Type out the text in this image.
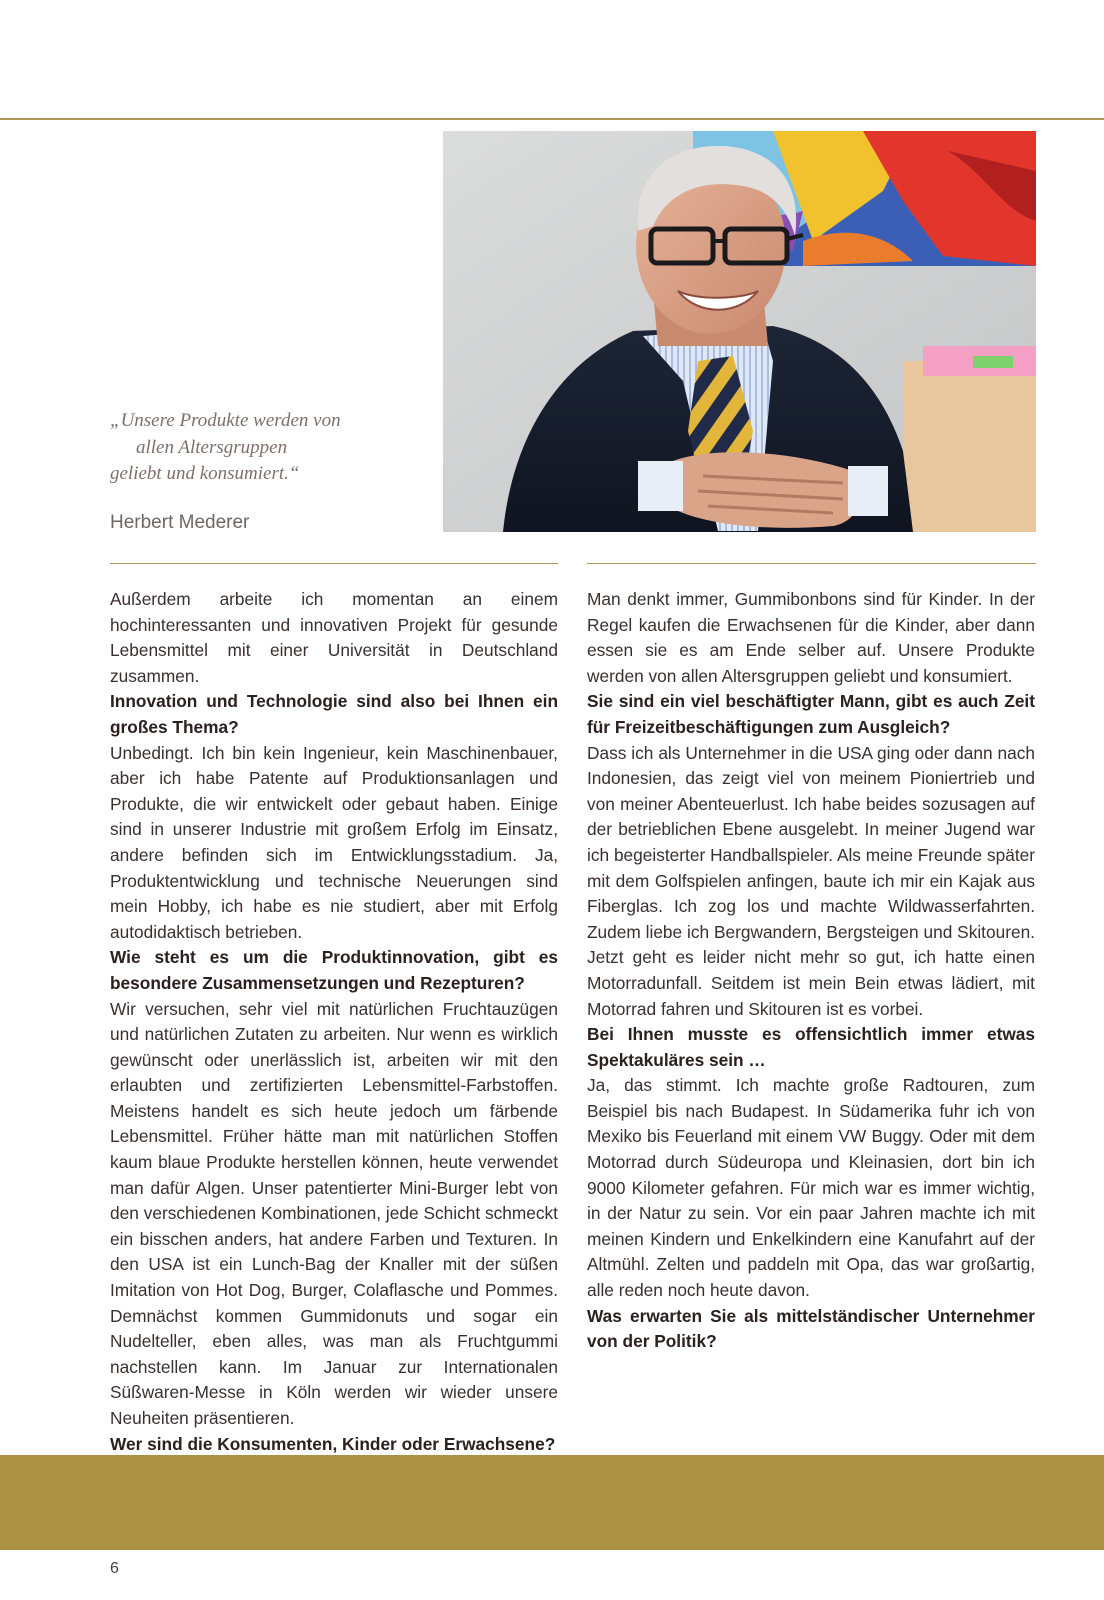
„Unsere Produkte werden von
allen Altersgruppen
geliebt und konsumiert.“
Herbert Mederer

Außerdem arbeite ich momentan an einem hochinteressanten und innovativen Projekt für gesunde Lebensmittel mit einer Universität in Deutschland zusammen.

Innovation und Technologie sind also bei Ihnen ein großes Thema?

Unbedingt. Ich bin kein Ingenieur, kein Maschinenbauer, aber ich habe Patente auf Produktionsanlagen und Produkte, die wir entwickelt oder gebaut haben. Einige sind in unserer Industrie mit großem Erfolg im Einsatz, andere befinden sich im Entwicklungsstadium. Ja, Produktentwicklung und technische Neuerungen sind mein Hobby, ich habe es nie studiert, aber mit Erfolg autodidaktisch betrieben.

Wie steht es um die Produktinnovation, gibt es besondere Zusammensetzungen und Rezepturen?

Wir versuchen, sehr viel mit natürlichen Fruchtauzügen und natürlichen Zutaten zu arbeiten. Nur wenn es wirklich gewünscht oder unerlässlich ist, arbeiten wir mit den erlaubten und zertifizierten Lebensmittel-Farbstoffen. Meistens handelt es sich heute jedoch um färbende Lebensmittel. Früher hätte man mit natürlichen Stoffen kaum blaue Produkte herstellen können, heute verwendet man dafür Algen. Unser patentierter Mini-Burger lebt von den verschiedenen Kombinationen, jede Schicht schmeckt ein bisschen anders, hat andere Farben und Texturen. In den USA ist ein Lunch-Bag der Knaller mit der süßen Imitation von Hot Dog, Burger, Colaflasche und Pommes. Demnächst kommen Gummidonuts und sogar ein Nudelteller, eben alles, was man als Fruchtgummi nachstellen kann. Im Januar zur Internationalen Süßwaren-Messe in Köln werden wir wieder unsere Neuheiten präsentieren.

Wer sind die Konsumenten, Kinder oder Erwachsene?

Man denkt immer, Gummibonbons sind für Kinder. In der Regel kaufen die Erwachsenen für die Kinder, aber dann essen sie es am Ende selber auf. Unsere Produkte werden von allen Altersgruppen geliebt und konsumiert.

Sie sind ein viel beschäftigter Mann, gibt es auch Zeit für Freizeitbeschäftigungen zum Ausgleich?

Dass ich als Unternehmer in die USA ging oder dann nach Indonesien, das zeigt viel von meinem Pioniertrieb und von meiner Abenteuerlust. Ich habe beides sozusagen auf der betrieblichen Ebene ausgelebt. In meiner Jugend war ich begeisterter Handballspieler. Als meine Freunde später mit dem Golfspielen anfingen, baute ich mir ein Kajak aus Fiberglas. Ich zog los und machte Wildwasserfahrten. Zudem liebe ich Bergwandern, Bergsteigen und Skitouren. Jetzt geht es leider nicht mehr so gut, ich hatte einen Motorradunfall. Seitdem ist mein Bein etwas lädiert, mit Motorrad fahren und Skitouren ist es vorbei.

Bei Ihnen musste es offensichtlich immer etwas Spektakuläres sein …

Ja, das stimmt. Ich machte große Radtouren, zum Beispiel bis nach Budapest. In Südamerika fuhr ich von Mexiko bis Feuerland mit einem VW Buggy. Oder mit dem Motorrad durch Südeuropa und Kleinasien, dort bin ich 9000 Kilometer gefahren. Für mich war es immer wichtig, in der Natur zu sein. Vor ein paar Jahren machte ich mit meinen Kindern und Enkelkindern eine Kanufahrt auf der Altmühl. Zelten und paddeln mit Opa, das war großartig, alle reden noch heute davon.

Was erwarten Sie als mittelständischer Unternehmer von der Politik?

6
